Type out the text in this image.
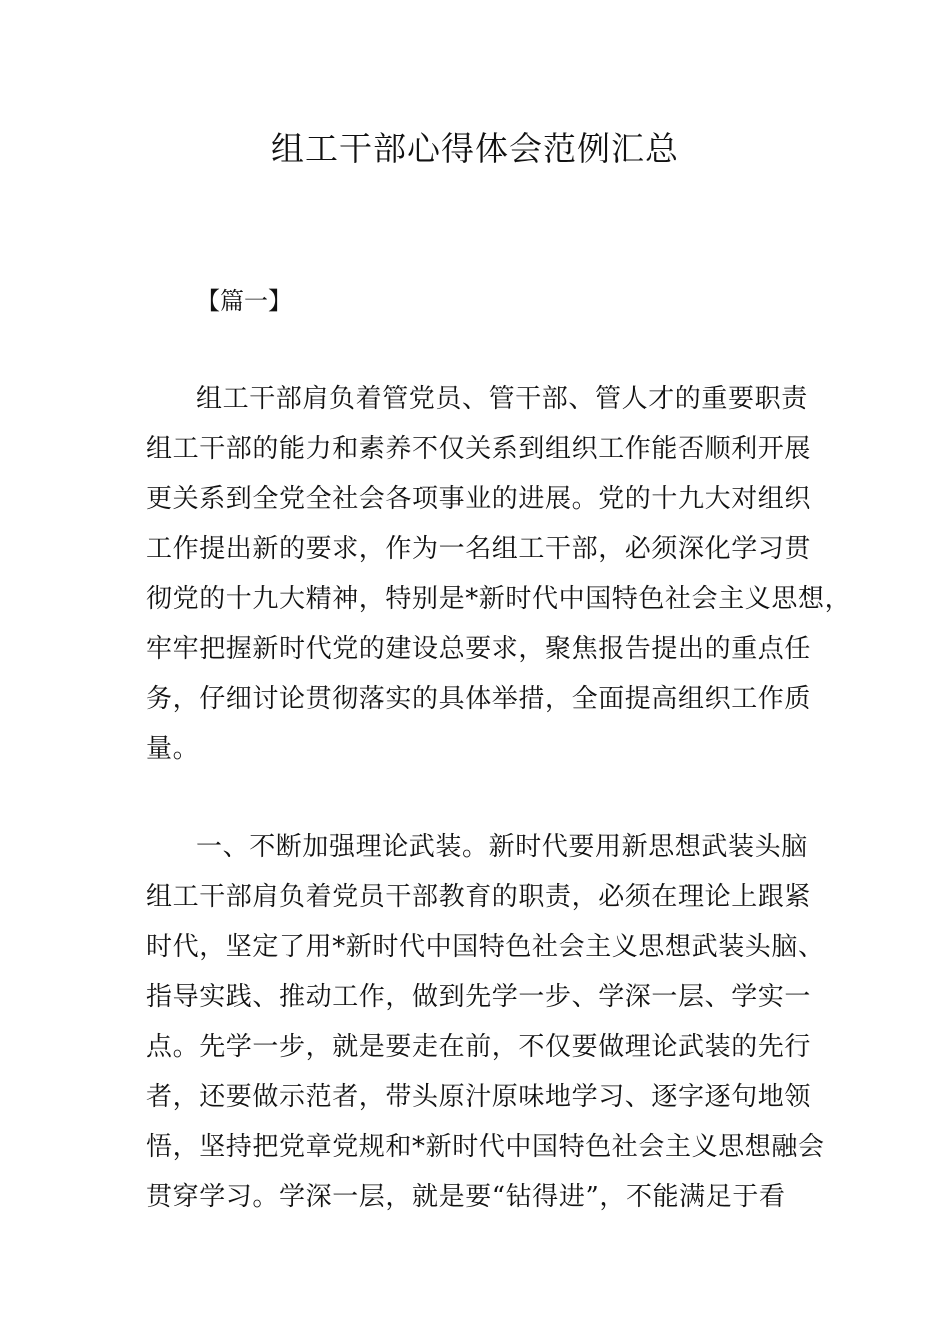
组工干部心得体会范例汇总

【篇一】

组工干部肩负着管党员、管干部、管人才的重要职责
组工干部的能力和素养不仅关系到组织工作能否顺利开展
更关系到全党全社会各项事业的进展。党的十九大对组织
工作提出新的要求，作为一名组工干部，必须深化学习贯
彻党的十九大精神，特别是*新时代中国特色社会主义思想，
牢牢把握新时代党的建设总要求，聚焦报告提出的重点任
务，仔细讨论贯彻落实的具体举措，全面提高组织工作质
量。
一、不断加强理论武装。新时代要用新思想武装头脑
组工干部肩负着党员干部教育的职责，必须在理论上跟紧
时代，坚定了用*新时代中国特色社会主义思想武装头脑、
指导实践、推动工作，做到先学一步、学深一层、学实一
点。先学一步，就是要走在前，不仅要做理论武装的先行
者，还要做示范者，带头原汁原味地学习、逐字逐句地领
悟，坚持把党章党规和*新时代中国特色社会主义思想融会
贯穿学习。学深一层，就是要“钻得进”，不能满足于看
